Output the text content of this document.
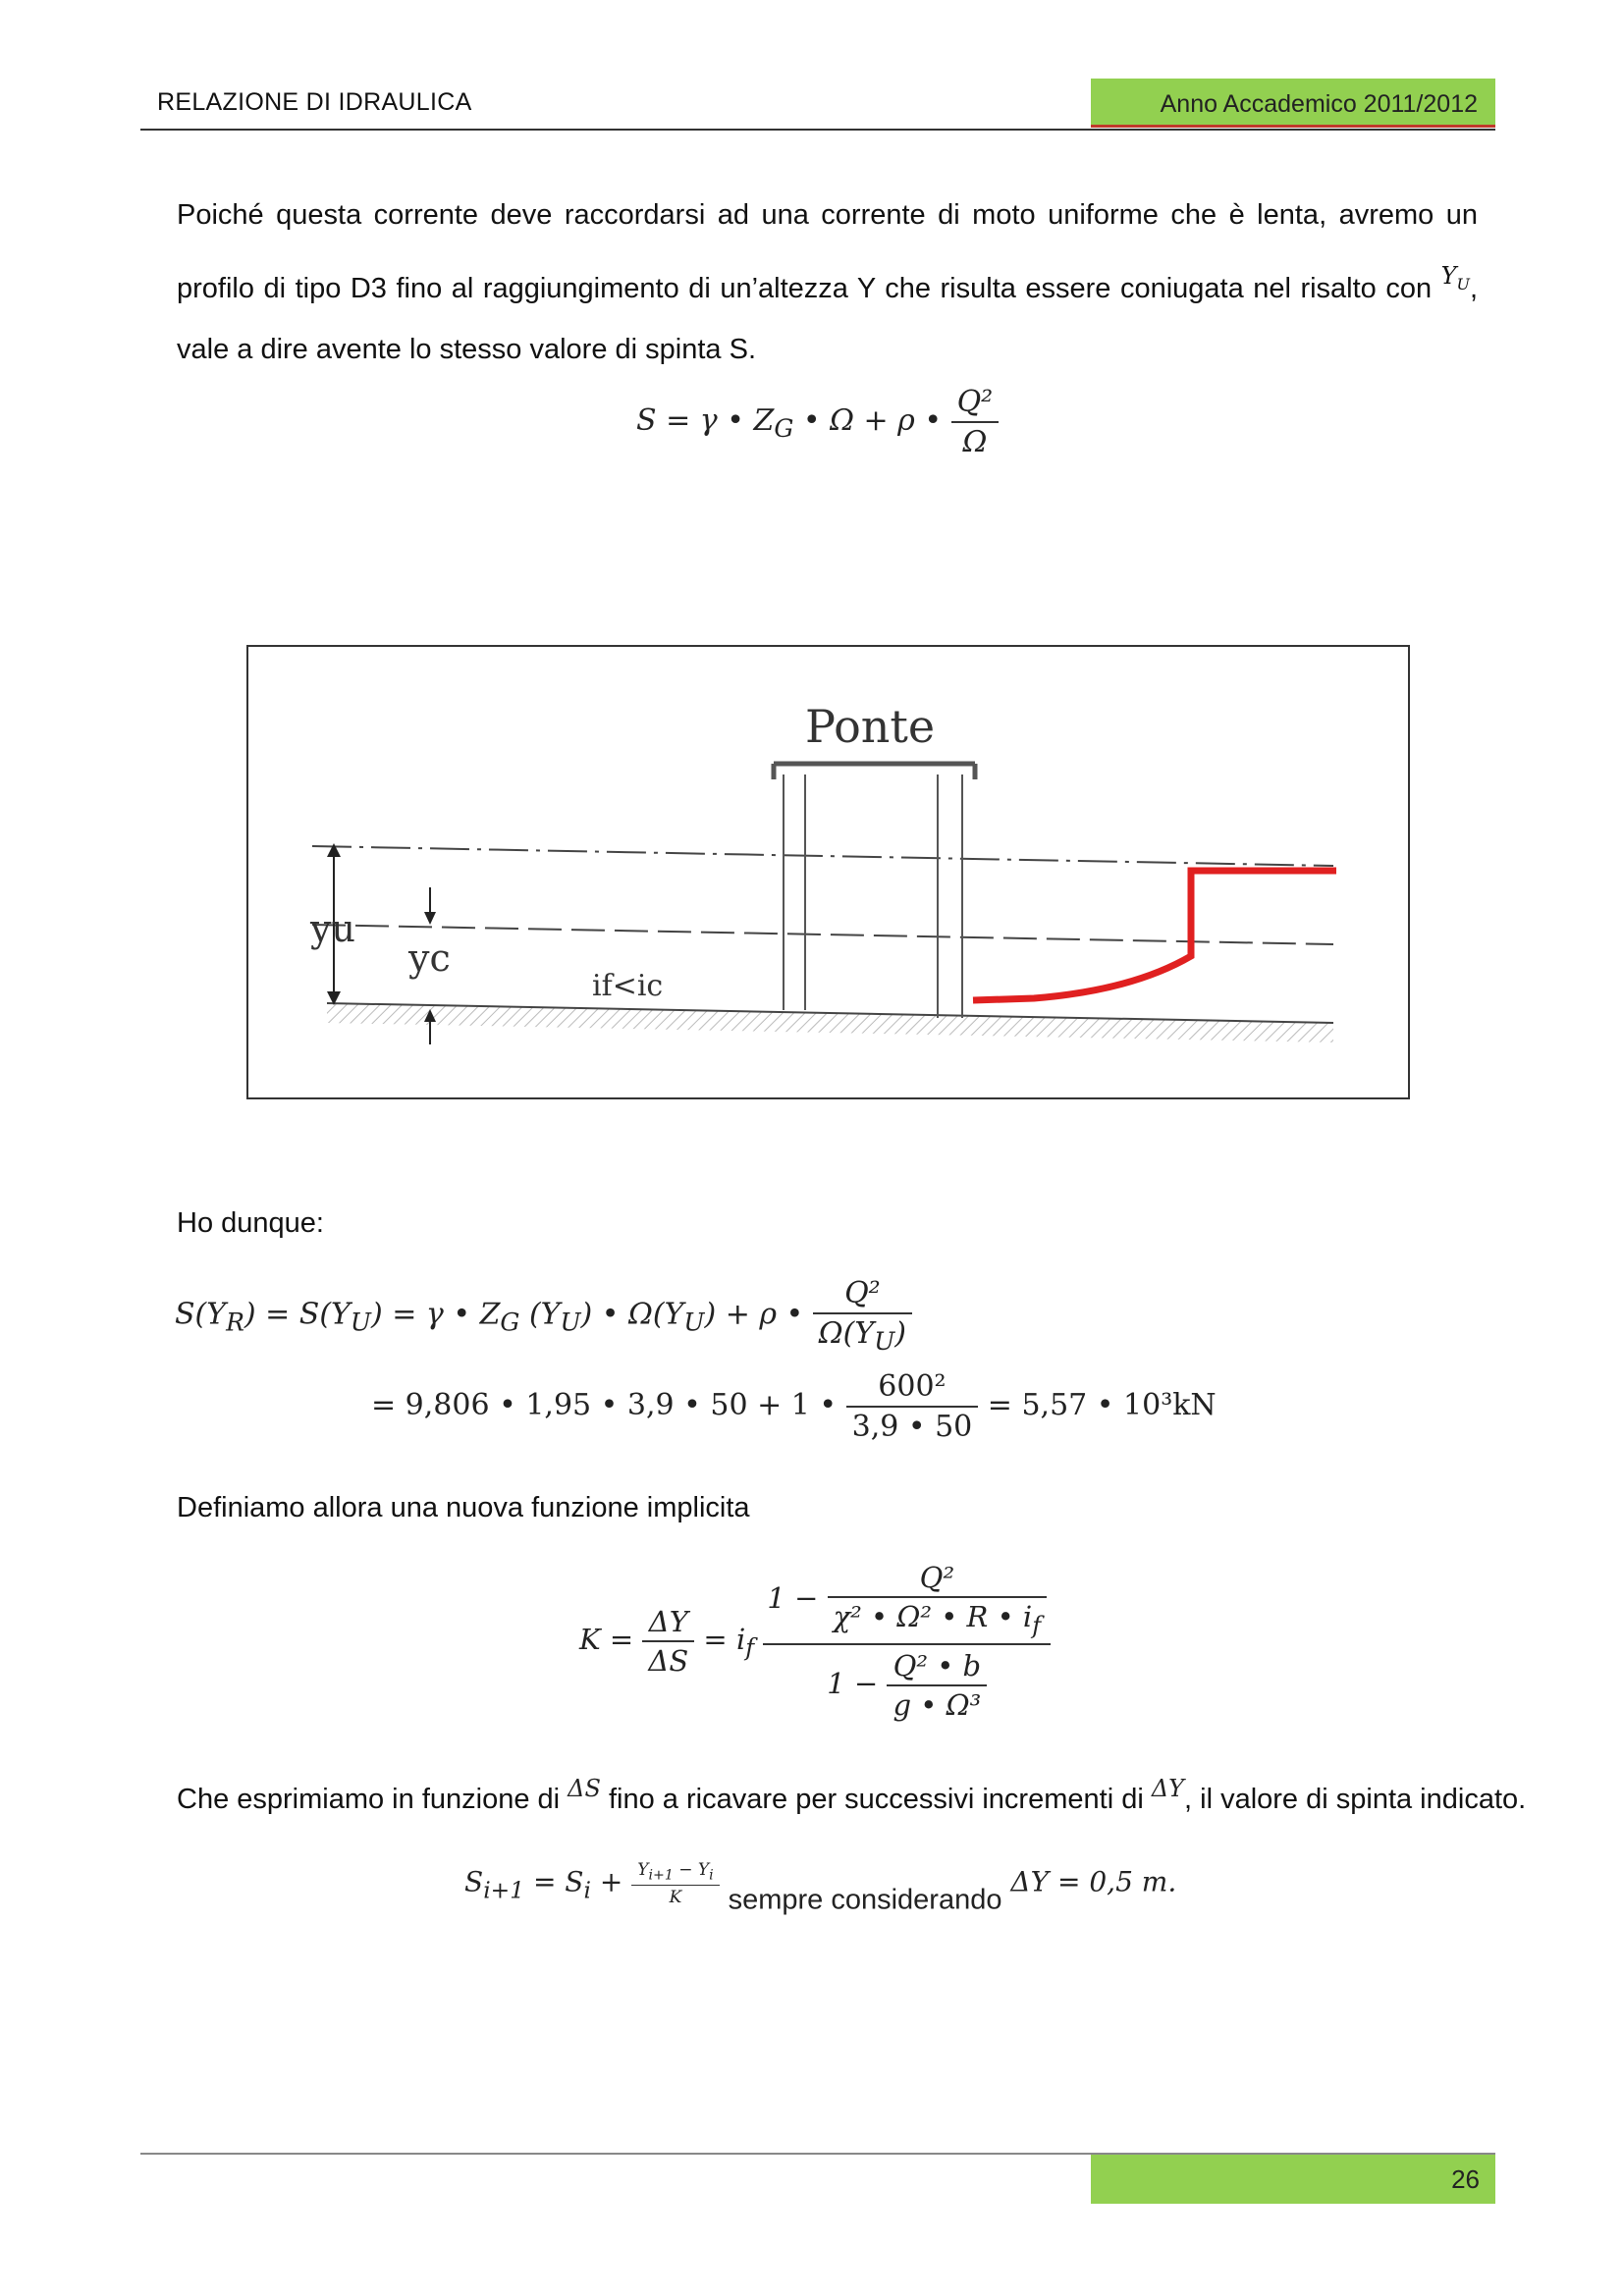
RELAZIONE DI IDRAULICA	Anno Accademico 2011/2012
Poiché questa corrente deve raccordarsi ad una corrente di moto uniforme che è lenta, avremo un profilo di tipo D3 fino al raggiungimento di un’altezza Y che risulta essere coniugata nel risalto con $^{Y_U}$, vale a dire avente lo stesso valore di spinta S.
S = γ • $Z_G$ • Ω + ρ • $\frac{\text{Q²}}{\Omega}$
Ponte
yu
yc
if<ic
Ho dunque:
$S(Y_R) = S(Y_U) = \gamma$ • $Z_G$ $(Y_U)$ • $\Omega(Y_U) + \rho$ • $\frac{\text{Q²}}{\Omega(Y_U)}$
= 9,806 • 1,95 • 3,9 • 50 + 1 • $\frac{\text{600²}}{3,9 • 50} = 5,57$ • 10³kN
Definiamo allora una nuova funzione implicita
$K = \frac{\Delta Y}{\Delta S} = i_f \frac{1 - \frac{\text{Q²}}{\chi^2 • \Omega^2 • R • i_f}}{1 - \frac{\text{Q² • b}}{\text{g • Ω³}}}$
Che esprimiamo in funzione di $^{\Delta S}$ fino a ricavare per successivi incrementi di $^{\Delta Y}$, il valore di spinta indicato.
$S_{i+1} = S_i + \frac{Y_{i+1} - Y_i}{K}$ sempre considerando ΔY = 0,5 m.
26
